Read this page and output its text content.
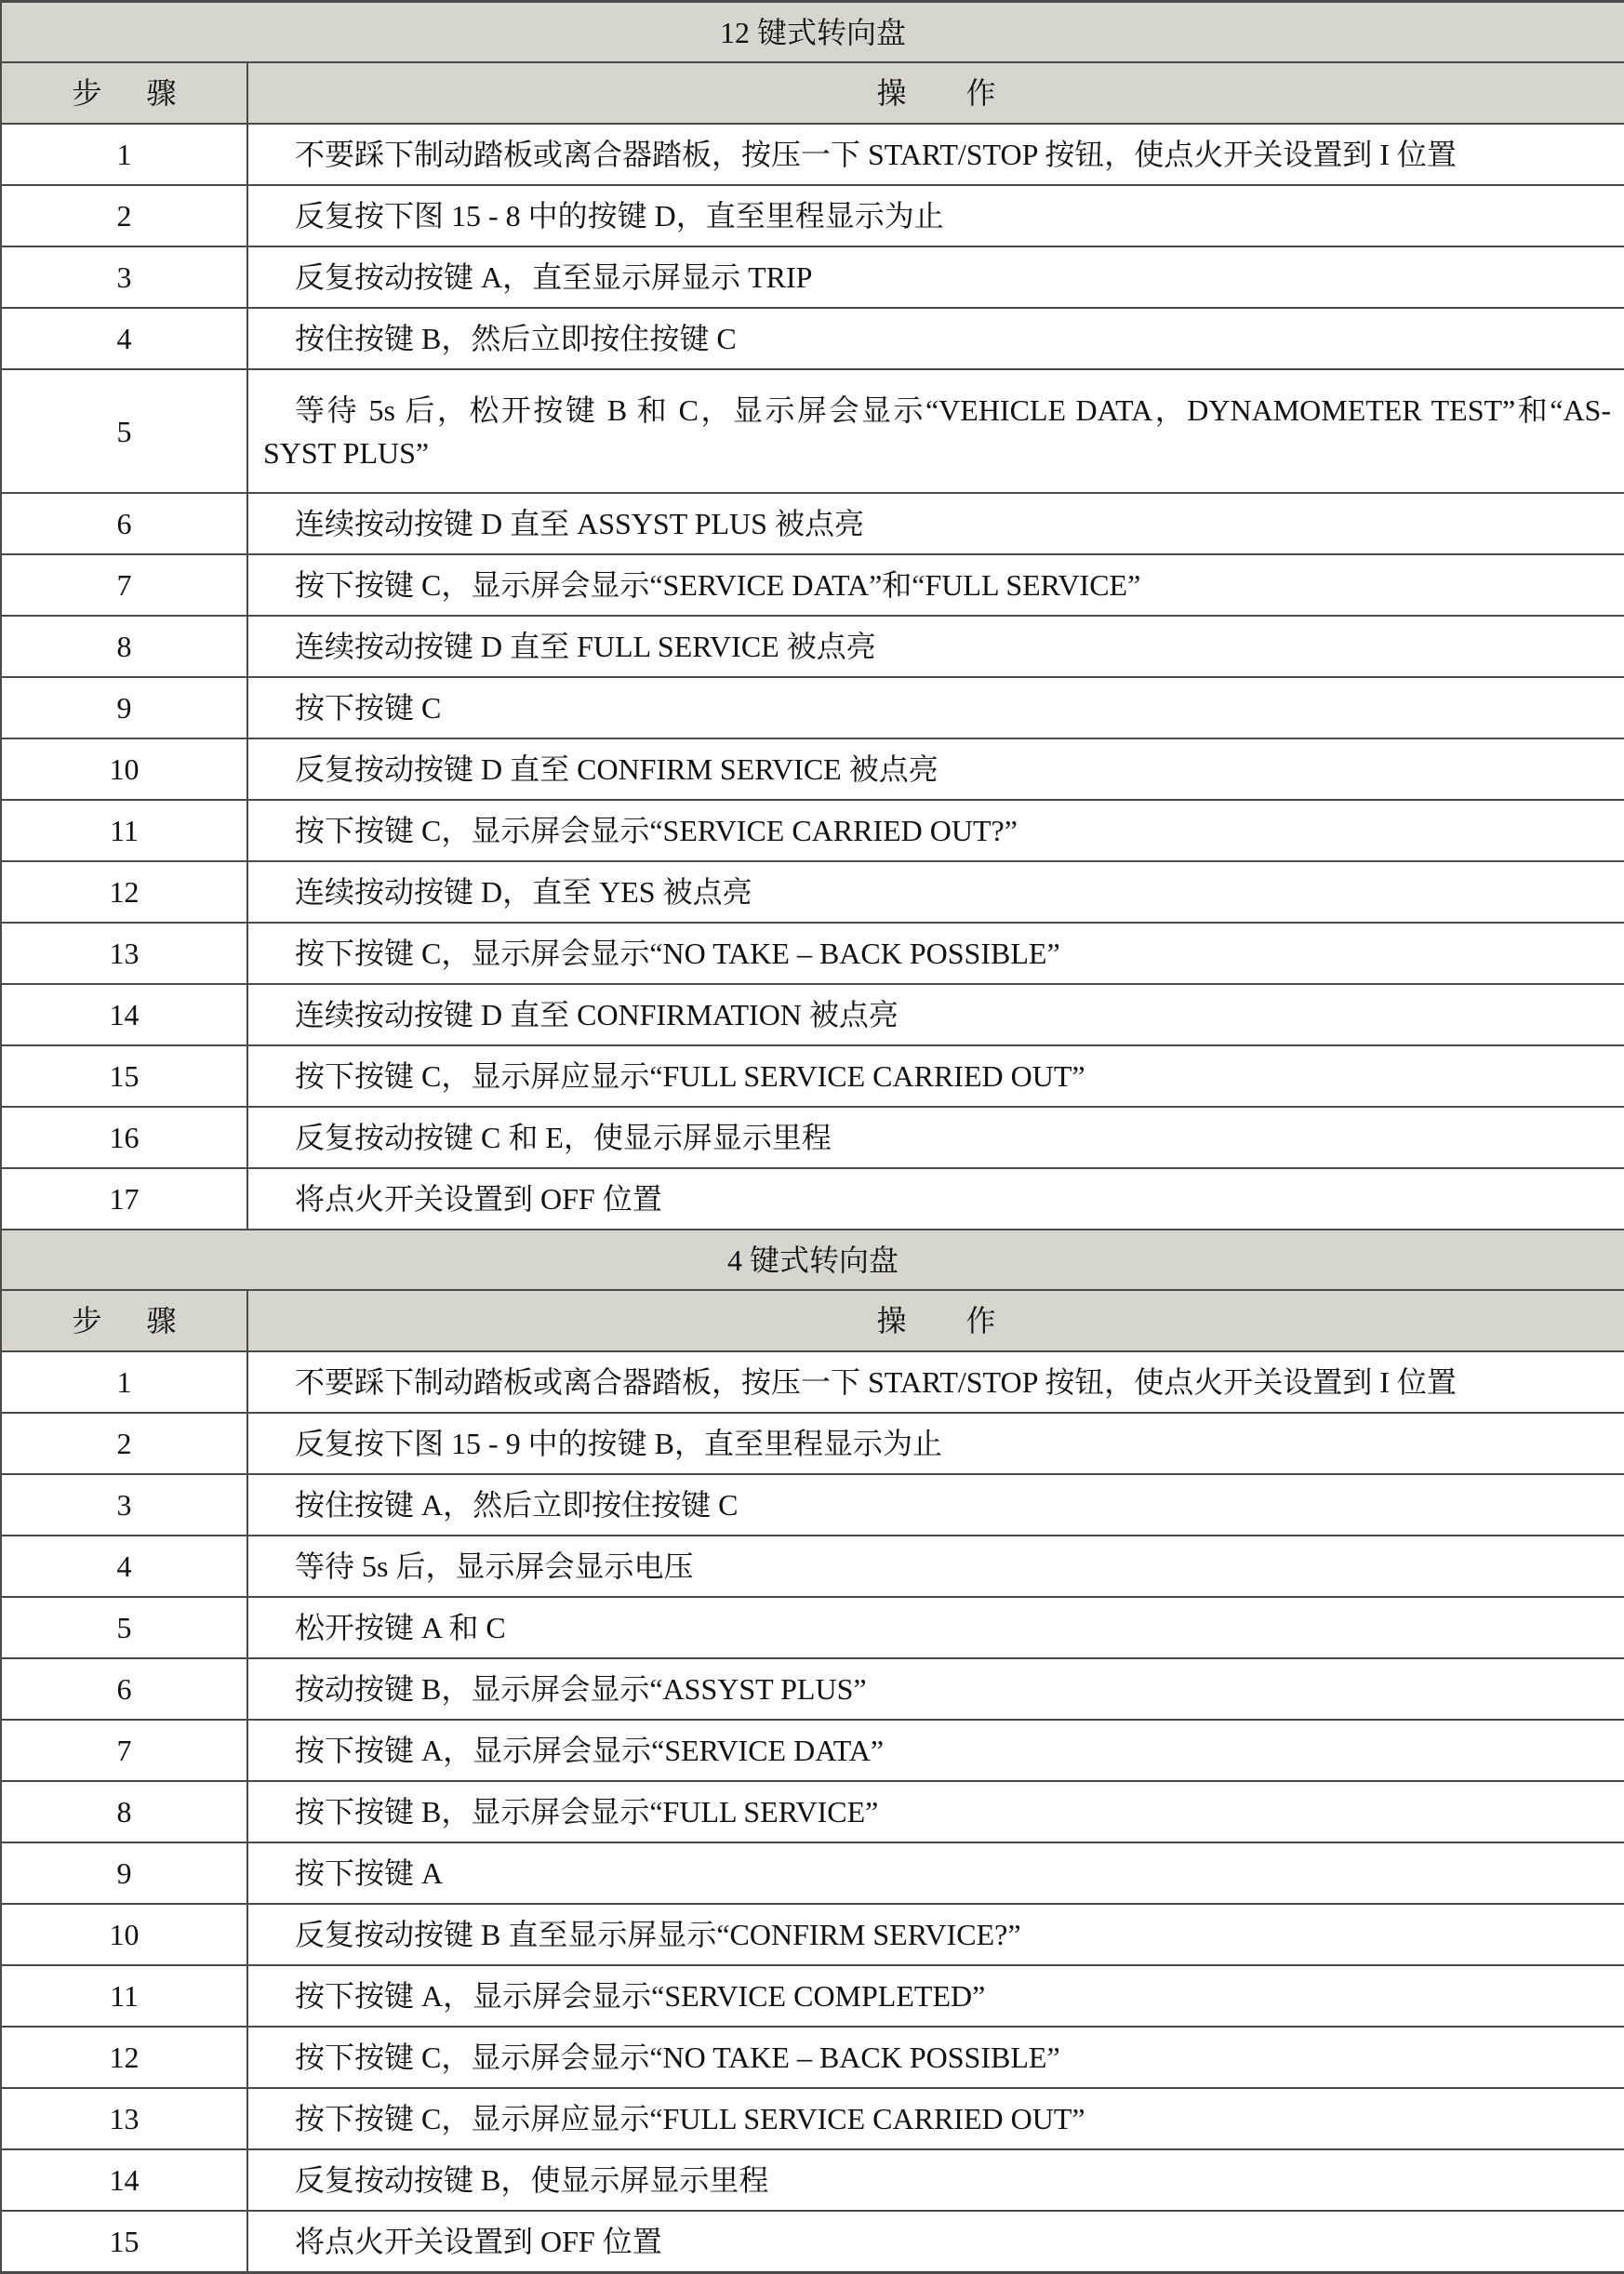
12 键式转向盘	
步 骤	操 作
1	不要踩下制动踏板或离合器踏板，按压一下 START/STOP 按钮，使点火开关设置到 I 位置
2	反复按下图 15 - 8 中的按键 D，直至里程显示为止
3	反复按动按键 A，直至显示屏显示 TRIP
4	按住按键 B，然后立即按住按键 C
5	等待 5s 后，松开按键 B 和 C，显示屏会显示“VEHICLE DATA，DYNAMOMETER TEST”和“AS-SYST PLUS”
6	连续按动按键 D 直至 ASSYST PLUS 被点亮
7	按下按键 C，显示屏会显示“SERVICE DATA”和“FULL SERVICE”
8	连续按动按键 D 直至 FULL SERVICE 被点亮
9	按下按键 C
10	反复按动按键 D 直至 CONFIRM SERVICE 被点亮
11	按下按键 C，显示屏会显示“SERVICE CARRIED OUT?”
12	连续按动按键 D，直至 YES 被点亮
13	按下按键 C，显示屏会显示“NO TAKE – BACK POSSIBLE”
14	连续按动按键 D 直至 CONFIRMATION 被点亮
15	按下按键 C，显示屏应显示“FULL SERVICE CARRIED OUT”
16	反复按动按键 C 和 E，使显示屏显示里程
17	将点火开关设置到 OFF 位置
4 键式转向盘	
步 骤	操 作
1	不要踩下制动踏板或离合器踏板，按压一下 START/STOP 按钮，使点火开关设置到 I 位置
2	反复按下图 15 - 9 中的按键 B，直至里程显示为止
3	按住按键 A，然后立即按住按键 C
4	等待 5s 后，显示屏会显示电压
5	松开按键 A 和 C
6	按动按键 B，显示屏会显示“ASSYST PLUS”
7	按下按键 A，显示屏会显示“SERVICE DATA”
8	按下按键 B，显示屏会显示“FULL SERVICE”
9	按下按键 A
10	反复按动按键 B 直至显示屏显示“CONFIRM SERVICE?”
11	按下按键 A，显示屏会显示“SERVICE COMPLETED”
12	按下按键 C，显示屏会显示“NO TAKE – BACK POSSIBLE”
13	按下按键 C，显示屏应显示“FULL SERVICE CARRIED OUT”
14	反复按动按键 B，使显示屏显示里程
15	将点火开关设置到 OFF 位置
